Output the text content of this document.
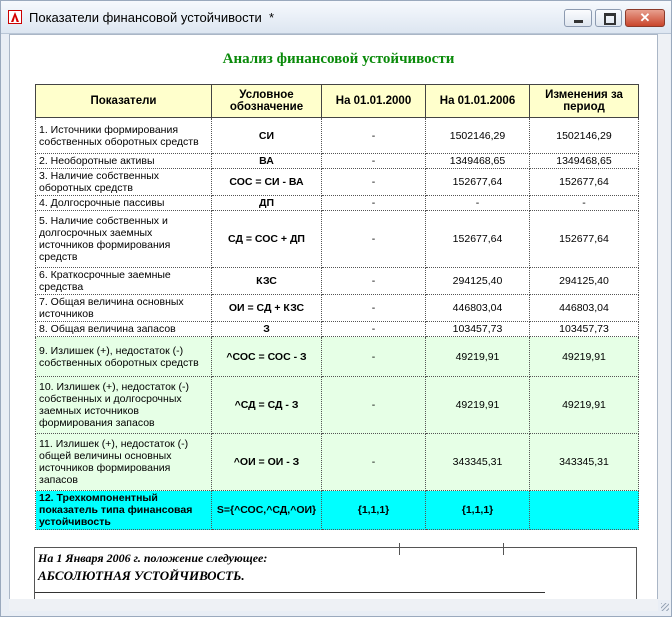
Показатели финансовой устойчивости  *	✕
Анализ финансовой устойчивости
Показатели	Условное обозначение	На 01.01.2000	На 01.01.2006	Изменения за период
1. Источники формирования собственных оборотных средств	СИ	-	1502146,29	1502146,29
2. Необоротные активы	ВА	-	1349468,65	1349468,65
3. Наличие собственных оборотных средств	СОС = СИ - ВА	-	152677,64	152677,64
4. Долгосрочные пассивы	ДП	-	-	-
5. Наличие собственных и долгосрочных заемных источников формирования средств	СД = СОС + ДП	-	152677,64	152677,64
6. Краткосрочные заемные средства	КЗС	-	294125,40	294125,40
7. Общая величина основных источников	ОИ = СД + КЗС	-	446803,04	446803,04
8. Общая величина запасов	З	-	103457,73	103457,73
9. Излишек (+), недостаток (-) собственных оборотных средств	^СОС = СОС - З	-	49219,91	49219,91
10. Излишек (+), недостаток (-) собственных и долгосрочных заемных источников формирования запасов	^СД = СД - З	-	49219,91	49219,91
11. Излишек (+), недостаток (-) общей величины основных источников формирования запасов	^ОИ = ОИ - З	-	343345,31	343345,31
12. Трехкомпонентный показатель типа финансовая устойчивость	S={^СОС,^СД,^ОИ}	{1,1,1}	{1,1,1}	
На 1 Января 2006 г. положение следующее:
АБСОЛЮТНАЯ УСТОЙЧИВОСТЬ.
